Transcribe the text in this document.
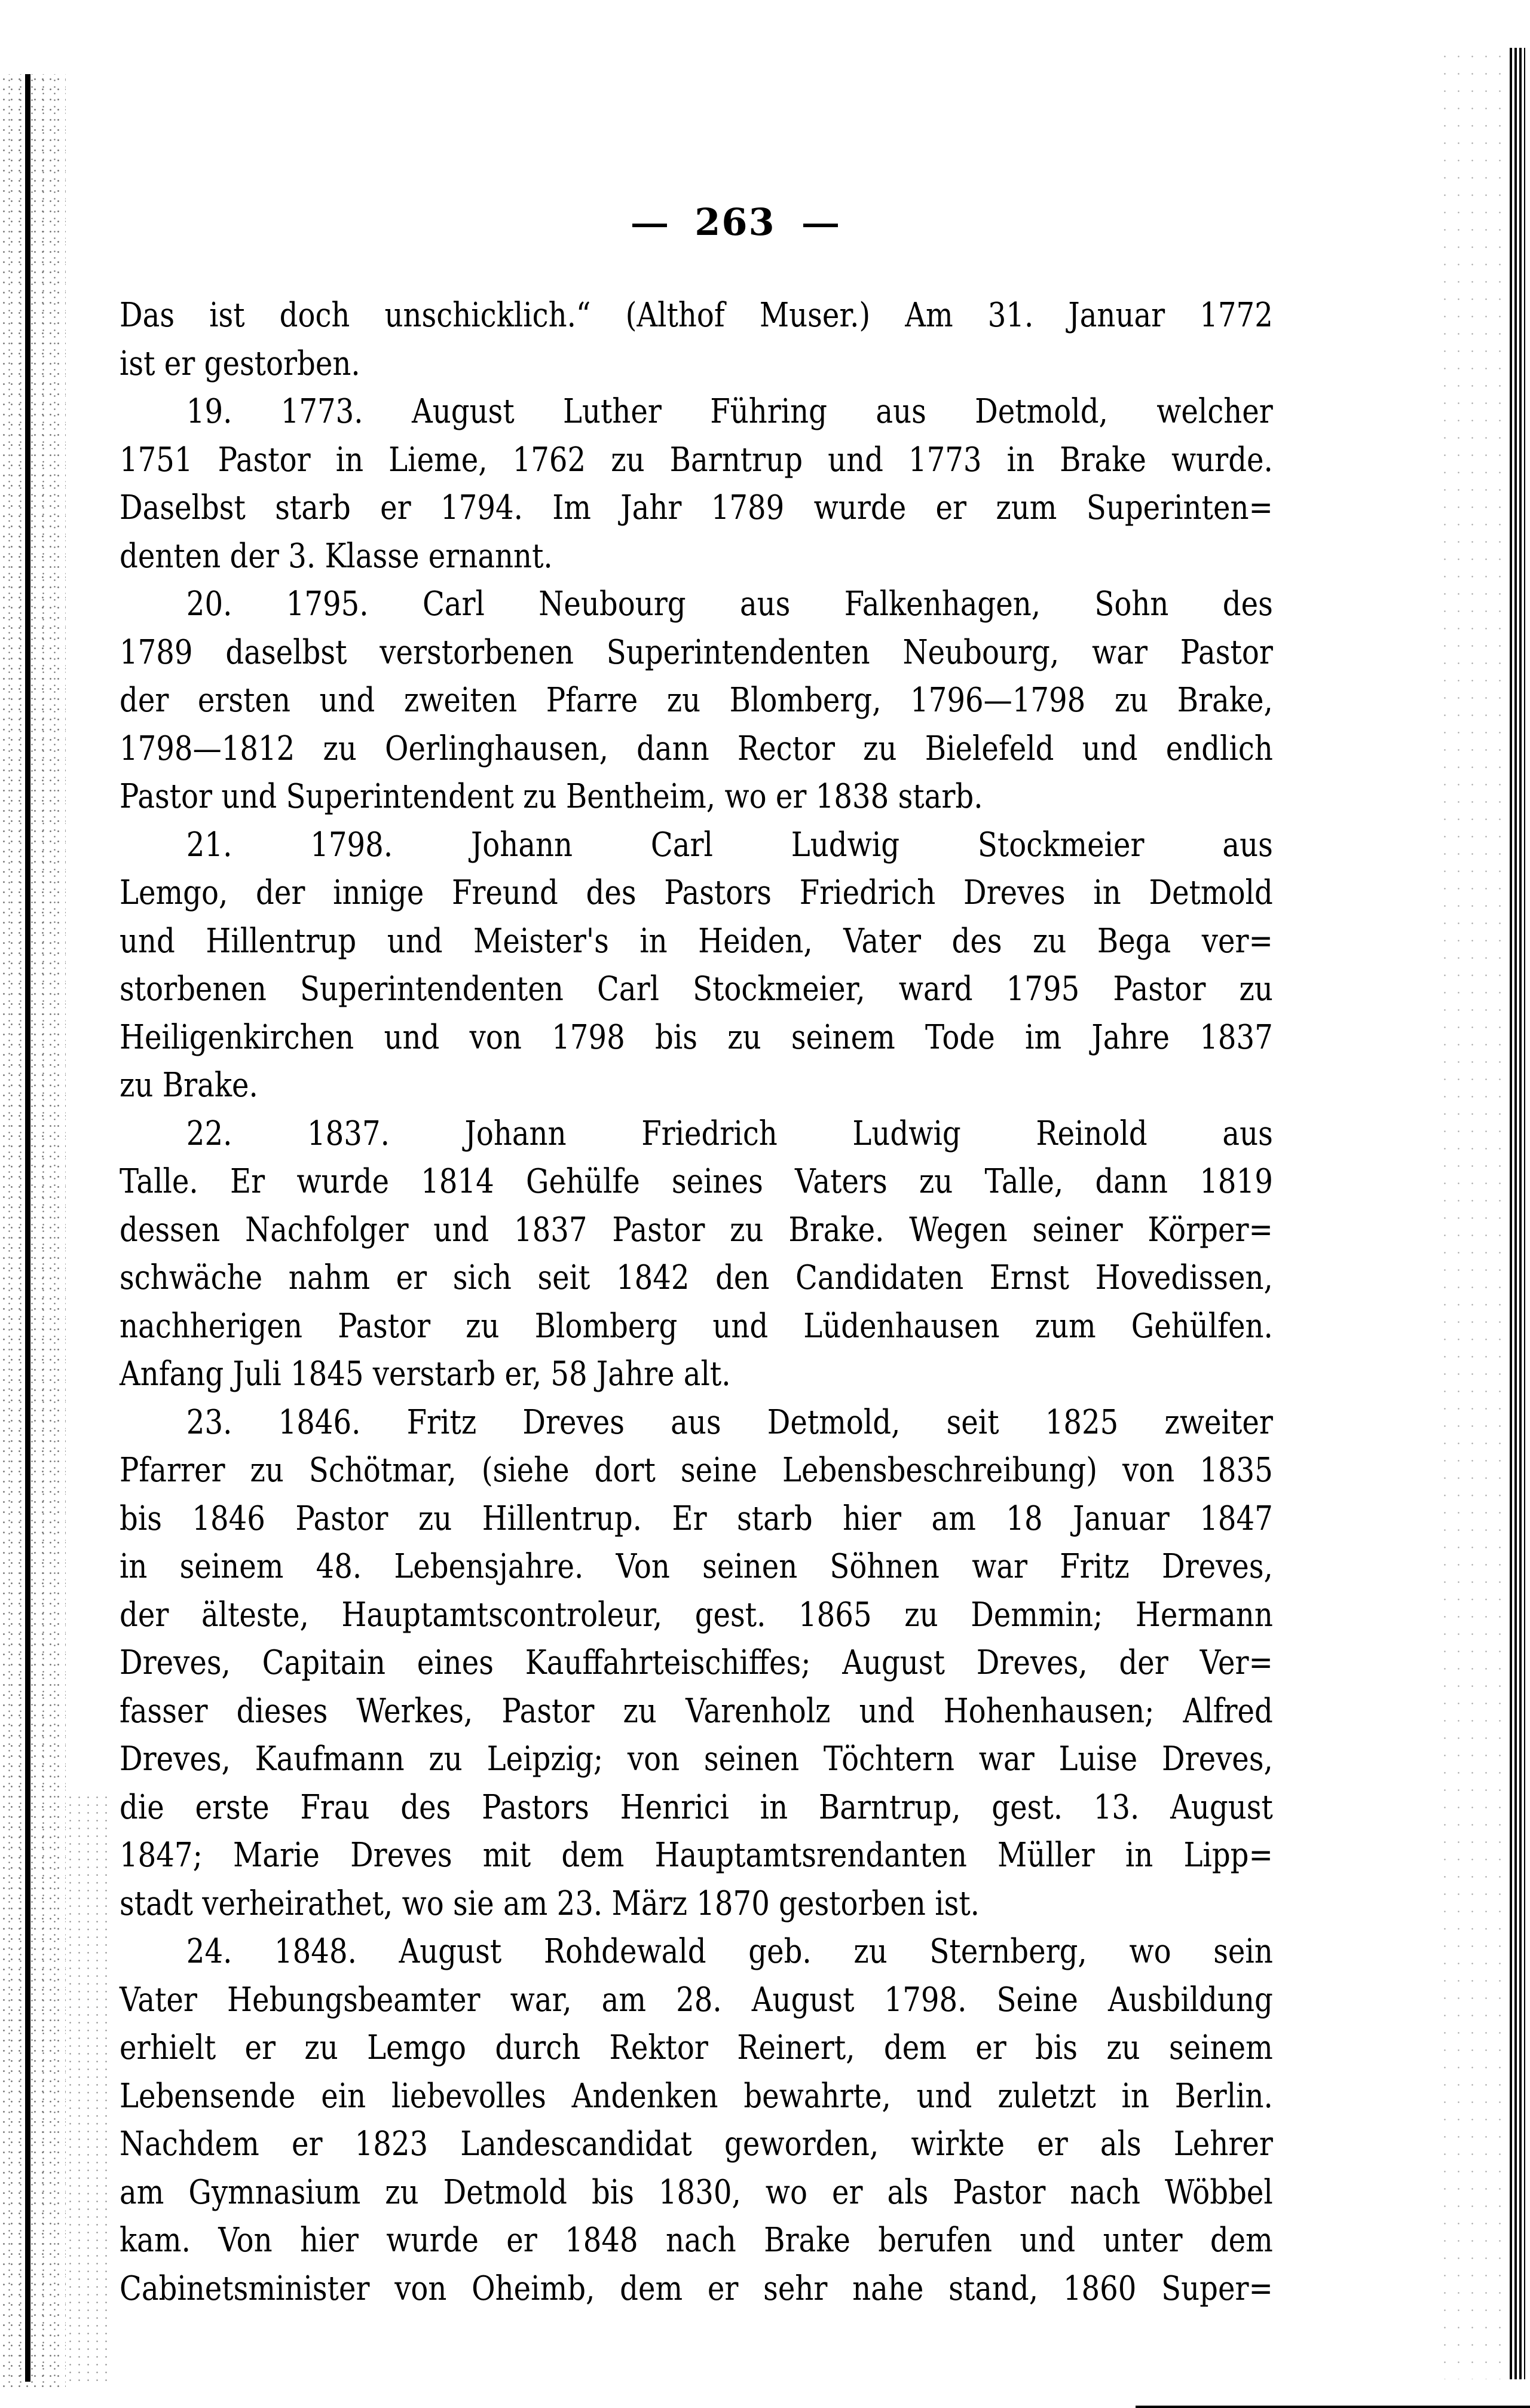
263
Das ist doch unschicklich.“ (Althof Muser.) Am 31. Januar 1772
ist er gestorben.
19. 1773. August Luther Führing aus Detmold, welcher
1751 Pastor in Lieme, 1762 zu Barntrup und 1773 in Brake wurde.
Daselbst starb er 1794. Im Jahr 1789 wurde er zum Superinten=
denten der 3. Klasse ernannt.
20. 1795. Carl Neubourg aus Falkenhagen, Sohn des
1789 daselbst verstorbenen Superintendenten Neubourg, war Pastor
der ersten und zweiten Pfarre zu Blomberg, 1796—1798 zu Brake,
1798—1812 zu Oerlinghausen, dann Rector zu Bielefeld und endlich
Pastor und Superintendent zu Bentheim, wo er 1838 starb.
21. 1798. Johann Carl Ludwig Stockmeier aus
Lemgo, der innige Freund des Pastors Friedrich Dreves in Detmold
und Hillentrup und Meister's in Heiden, Vater des zu Bega ver=
storbenen Superintendenten Carl Stockmeier, ward 1795 Pastor zu
Heiligenkirchen und von 1798 bis zu seinem Tode im Jahre 1837
zu Brake.
22. 1837. Johann Friedrich Ludwig Reinold aus
Talle. Er wurde 1814 Gehülfe seines Vaters zu Talle, dann 1819
dessen Nachfolger und 1837 Pastor zu Brake. Wegen seiner Körper=
schwäche nahm er sich seit 1842 den Candidaten Ernst Hovedissen,
nachherigen Pastor zu Blomberg und Lüdenhausen zum Gehülfen.
Anfang Juli 1845 verstarb er, 58 Jahre alt.
23. 1846. Fritz Dreves aus Detmold, seit 1825 zweiter
Pfarrer zu Schötmar, (siehe dort seine Lebensbeschreibung) von 1835
bis 1846 Pastor zu Hillentrup. Er starb hier am 18 Januar 1847
in seinem 48. Lebensjahre. Von seinen Söhnen war Fritz Dreves,
der älteste, Hauptamtscontroleur, gest. 1865 zu Demmin; Hermann
Dreves, Capitain eines Kauffahrteischiffes; August Dreves, der Ver=
fasser dieses Werkes, Pastor zu Varenholz und Hohenhausen; Alfred
Dreves, Kaufmann zu Leipzig; von seinen Töchtern war Luise Dreves,
die erste Frau des Pastors Henrici in Barntrup, gest. 13. August
1847; Marie Dreves mit dem Hauptamtsrendanten Müller in Lipp=
stadt verheirathet, wo sie am 23. März 1870 gestorben ist.
24. 1848. August Rohdewald geb. zu Sternberg, wo sein
Vater Hebungsbeamter war, am 28. August 1798. Seine Ausbildung
erhielt er zu Lemgo durch Rektor Reinert, dem er bis zu seinem
Lebensende ein liebevolles Andenken bewahrte, und zuletzt in Berlin.
Nachdem er 1823 Landescandidat geworden, wirkte er als Lehrer
am Gymnasium zu Detmold bis 1830, wo er als Pastor nach Wöbbel
kam. Von hier wurde er 1848 nach Brake berufen und unter dem
Cabinetsminister von Oheimb, dem er sehr nahe stand, 1860 Super=
